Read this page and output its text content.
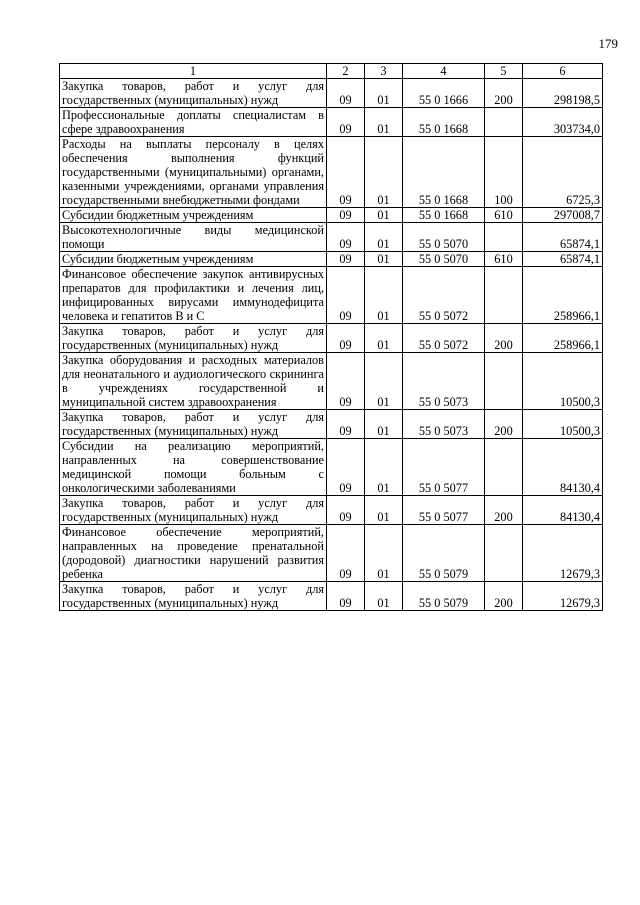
179
1	2	3	4	5	6
Закупка товаров, работ и услуг для государственных (муниципальных) нужд	09	01	55 0 1666	200	298198,5
Профессиональные доплаты специалистам в сфере здравоохранения	09	01	55 0 1668		303734,0
Расходы на выплаты персоналу в целях обеспечения выполнения функций государственными (муниципальными) органами, казенными учреждениями, органами управления государственными внебюджетными фондами	09	01	55 0 1668	100	6725,3
Субсидии бюджетным учреждениям	09	01	55 0 1668	610	297008,7
Высокотехнологичные виды медицинской помощи	09	01	55 0 5070		65874,1
Субсидии бюджетным учреждениям	09	01	55 0 5070	610	65874,1
Финансовое обеспечение закупок антивирусных препаратов для профилактики и лечения лиц, инфицированных вирусами иммунодефицита человека и гепатитов В и С	09	01	55 0 5072		258966,1
Закупка товаров, работ и услуг для государственных (муниципальных) нужд	09	01	55 0 5072	200	258966,1
Закупка оборудования и расходных материалов для неонатального и аудиологического скрининга в учреждениях государственной и муниципальной систем здравоохранения	09	01	55 0 5073		10500,3
Закупка товаров, работ и услуг для государственных (муниципальных) нужд	09	01	55 0 5073	200	10500,3
Субсидии на реализацию мероприятий, направленных на совершенствование медицинской помощи больным с онкологическими заболеваниями	09	01	55 0 5077		84130,4
Закупка товаров, работ и услуг для государственных (муниципальных) нужд	09	01	55 0 5077	200	84130,4
Финансовое обеспечение мероприятий, направленных на проведение пренатальной (дородовой) диагностики нарушений развития ребенка	09	01	55 0 5079		12679,3
Закупка товаров, работ и услуг для государственных (муниципальных) нужд	09	01	55 0 5079	200	12679,3
